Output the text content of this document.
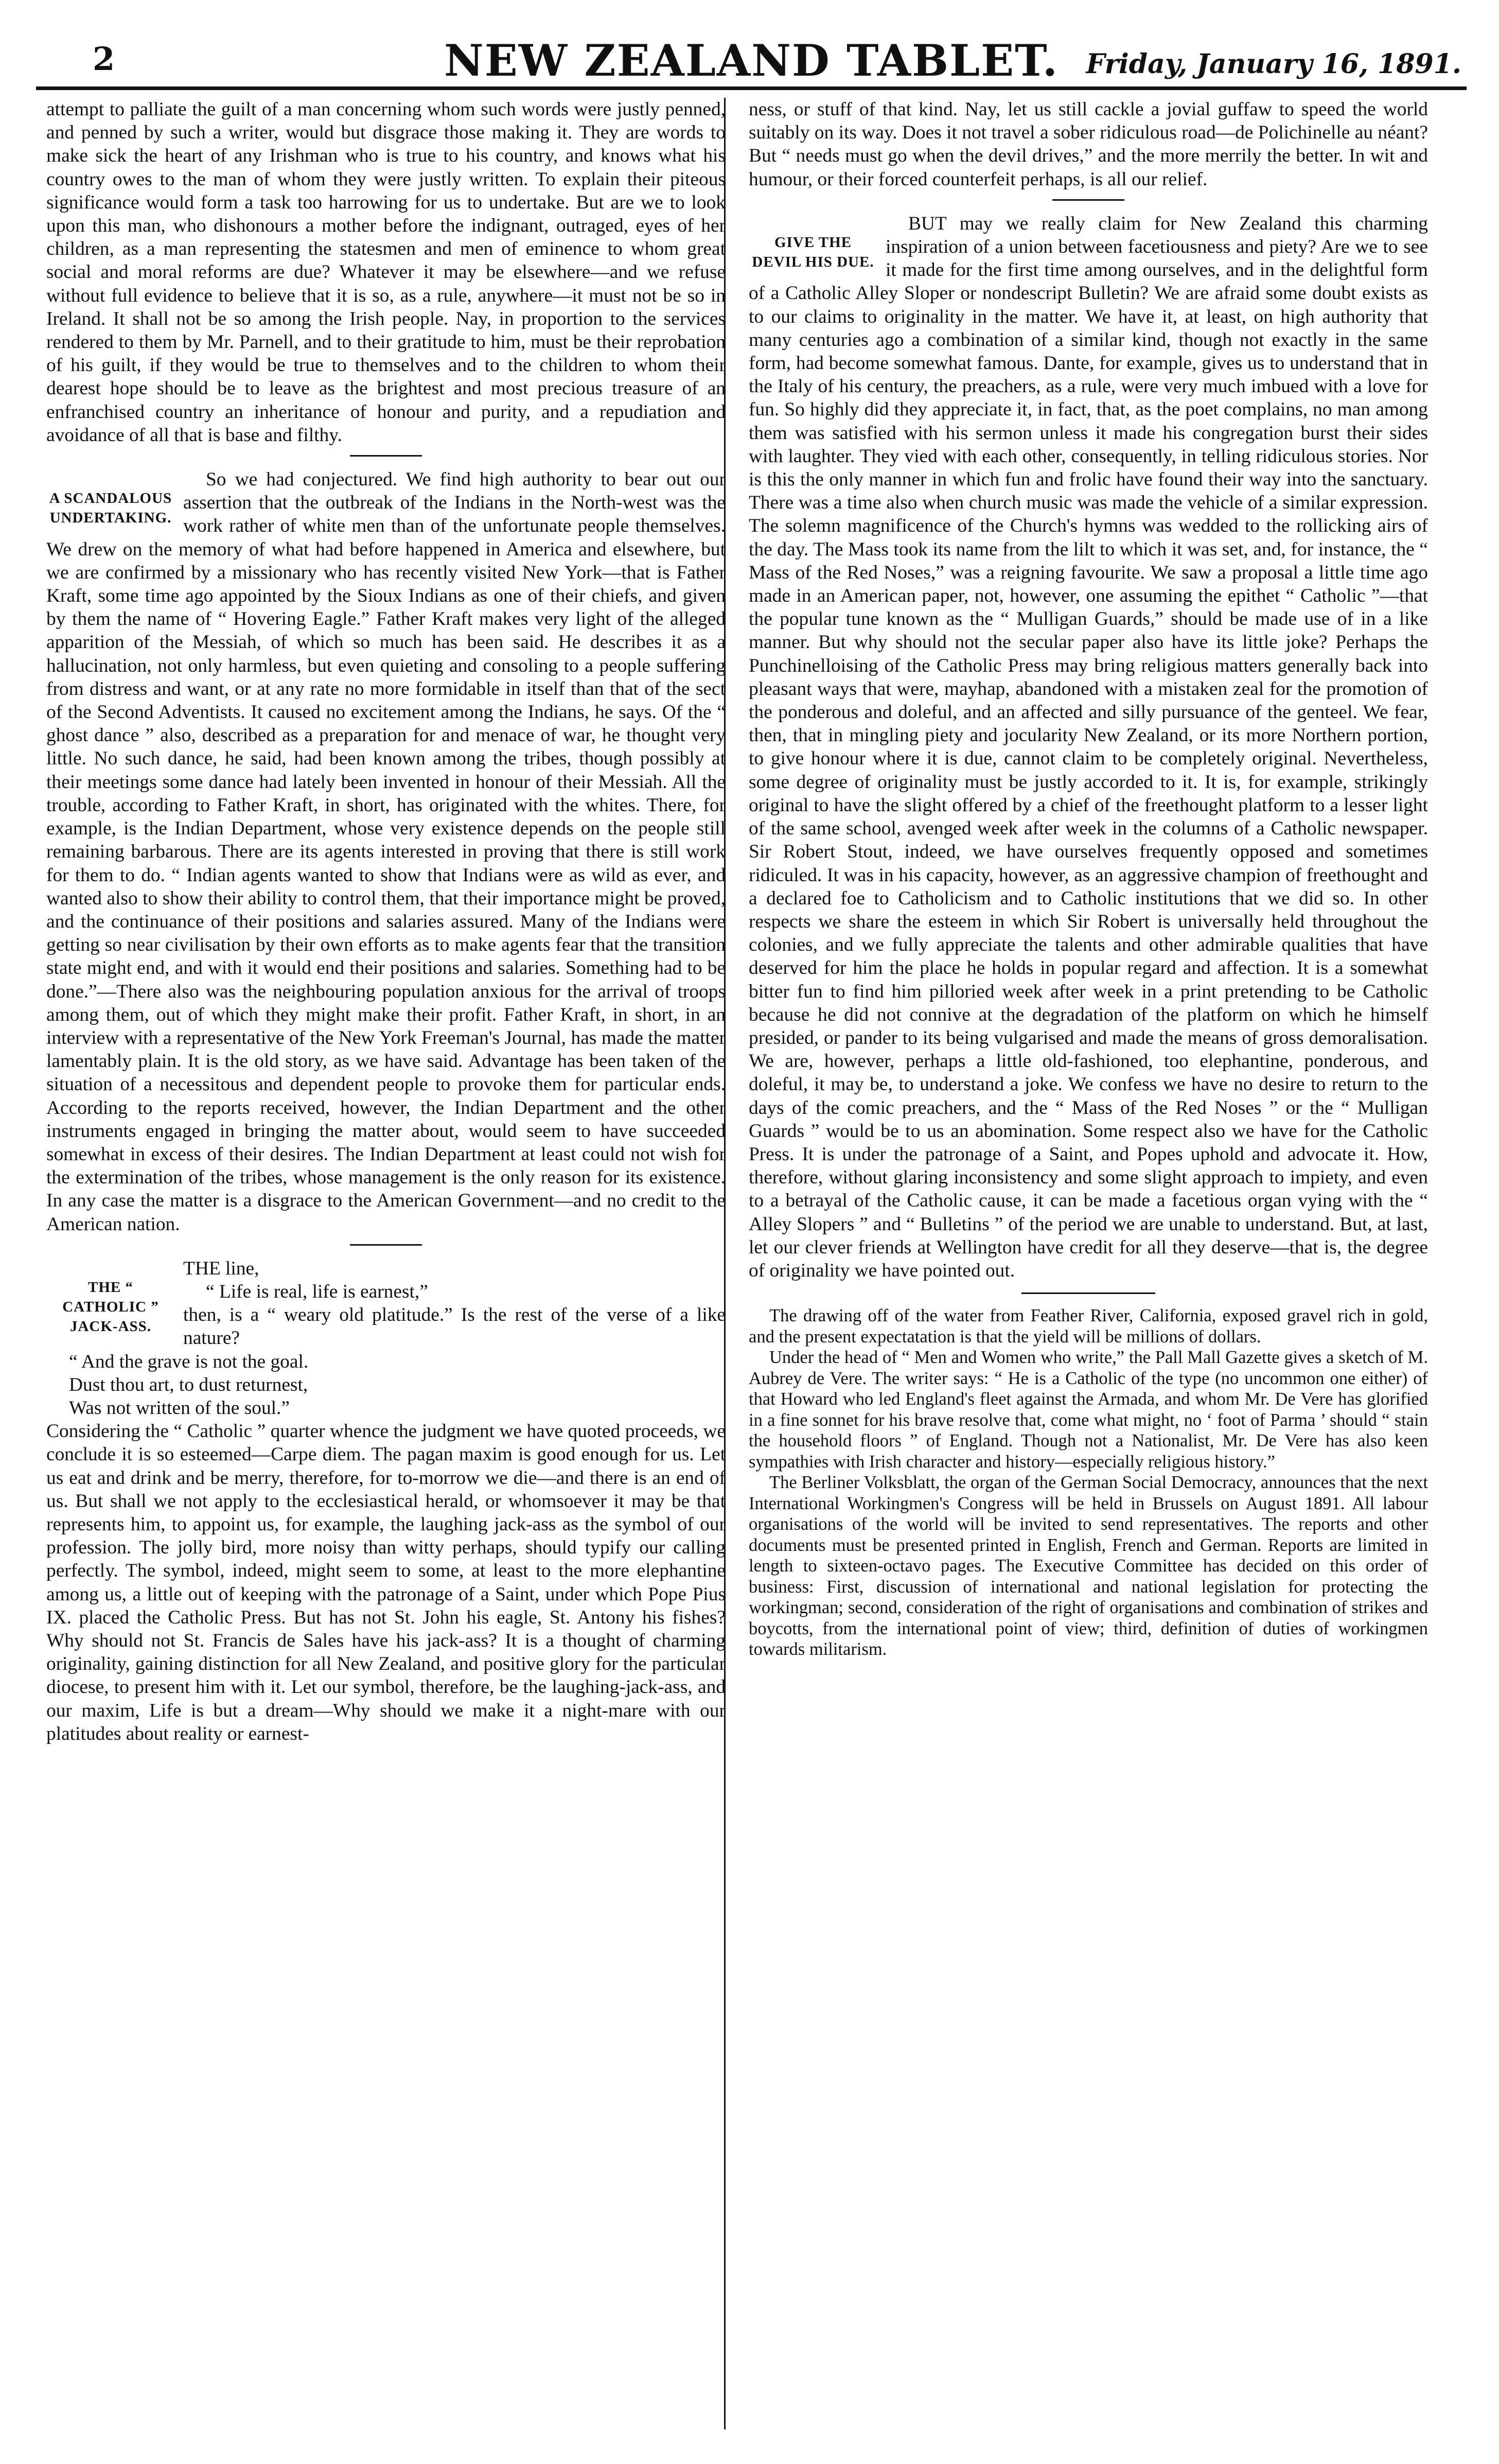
2	NEW ZEALAND TABLET.	Friday, January 16, 1891.

attempt to palliate the guilt of a man concerning whom such words were justly penned, and penned by such a writer, would but disgrace those making it. They are words to make sick the heart of any Irishman who is true to his country, and knows what his country owes to the man of whom they were justly written. To explain their piteous significance would form a task too harrowing for us to undertake. But are we to look upon this man, who dishonours a mother before the indignant, outraged, eyes of her children, as a man representing the statesmen and men of eminence to whom great social and moral reforms are due? Whatever it may be elsewhere—and we refuse without full evidence to believe that it is so, as a rule, anywhere—it must not be so in Ireland. It shall not be so among the Irish people. Nay, in proportion to the services rendered to them by Mr. Parnell, and to their gratitude to him, must be their reprobation of his guilt, if they would be true to themselves and to the children to whom their dearest hope should be to leave as the brightest and most precious treasure of an enfranchised country an inheritance of honour and purity, and a repudiation and avoidance of all that is base and filthy.

A SCANDALOUS UNDERTAKING.

So we had conjectured. We find high authority to bear out our assertion that the outbreak of the Indians in the North-west was the work rather of white men than of the unfortunate people themselves. We drew on the memory of what had before happened in America and elsewhere, but we are confirmed by a missionary who has recently visited New York—that is Father Kraft, some time ago appointed by the Sioux Indians as one of their chiefs, and given by them the name of “ Hovering Eagle.” Father Kraft makes very light of the alleged apparition of the Messiah, of which so much has been said. He describes it as a hallucination, not only harmless, but even quieting and consoling to a people suffering from distress and want, or at any rate no more formidable in itself than that of the sect of the Second Adventists. It caused no excitement among the Indians, he says. Of the “ ghost dance ” also, described as a preparation for and menace of war, he thought very little. No such dance, he said, had been known among the tribes, though possibly at their meetings some dance had lately been invented in honour of their Messiah. All the trouble, according to Father Kraft, in short, has originated with the whites. There, for example, is the Indian Department, whose very existence depends on the people still remaining barbarous. There are its agents interested in proving that there is still work for them to do. “ Indian agents wanted to show that Indians were as wild as ever, and wanted also to show their ability to control them, that their importance might be proved, and the continuance of their positions and salaries assured. Many of the Indians were getting so near civilisation by their own efforts as to make agents fear that the transition state might end, and with it would end their positions and salaries. Something had to be done.”—There also was the neighbouring population anxious for the arrival of troops among them, out of which they might make their profit. Father Kraft, in short, in an interview with a representative of the New York Freeman's Journal, has made the matter lamentably plain. It is the old story, as we have said. Advantage has been taken of the situation of a necessitous and dependent people to provoke them for particular ends. According to the reports received, however, the Indian Department and the other instruments engaged in bringing the matter about, would seem to have succeeded somewhat in excess of their desires. The Indian Department at least could not wish for the extermination of the tribes, whose management is the only reason for its existence. In any case the matter is a disgrace to the American Government—and no credit to the American nation.

THE “ CATHOLIC ” JACK-ASS.

THE line,

“ Life is real, life is earnest,”

then, is a “ weary old platitude.” Is the rest of the verse of a like nature?

“ And the grave is not the goal.

Dust thou art, to dust returnest,

Was not written of the soul.”

Considering the “ Catholic ” quarter whence the judgment we have quoted proceeds, we conclude it is so esteemed—Carpe diem. The pagan maxim is good enough for us. Let us eat and drink and be merry, therefore, for to-morrow we die—and there is an end of us. But shall we not apply to the ecclesiastical herald, or whomsoever it may be that represents him, to appoint us, for example, the laughing jack-ass as the symbol of our profession. The jolly bird, more noisy than witty perhaps, should typify our calling perfectly. The symbol, indeed, might seem to some, at least to the more elephantine among us, a little out of keeping with the patronage of a Saint, under which Pope Pius IX. placed the Catholic Press. But has not St. John his eagle, St. Antony his fishes? Why should not St. Francis de Sales have his jack-ass? It is a thought of charming originality, gaining distinction for all New Zealand, and positive glory for the particular diocese, to present him with it. Let our symbol, therefore, be the laughing-jack-ass, and our maxim, Life is but a dream—Why should we make it a night-mare with our platitudes about reality or earnest-

ness, or stuff of that kind. Nay, let us still cackle a jovial guffaw to speed the world suitably on its way. Does it not travel a sober ridiculous road—de Polichinelle au néant? But “ needs must go when the devil drives,” and the more merrily the better. In wit and humour, or their forced counterfeit perhaps, is all our relief.

GIVE THE DEVIL HIS DUE.

BUT may we really claim for New Zealand this charming inspiration of a union between facetiousness and piety? Are we to see it made for the first time among ourselves, and in the delightful form of a Catholic Alley Sloper or nondescript Bulletin? We are afraid some doubt exists as to our claims to originality in the matter. We have it, at least, on high authority that many centuries ago a combination of a similar kind, though not exactly in the same form, had become somewhat famous. Dante, for example, gives us to understand that in the Italy of his century, the preachers, as a rule, were very much imbued with a love for fun. So highly did they appreciate it, in fact, that, as the poet complains, no man among them was satisfied with his sermon unless it made his congregation burst their sides with laughter. They vied with each other, consequently, in telling ridiculous stories. Nor is this the only manner in which fun and frolic have found their way into the sanctuary. There was a time also when church music was made the vehicle of a similar expression. The solemn magnificence of the Church's hymns was wedded to the rollicking airs of the day. The Mass took its name from the lilt to which it was set, and, for instance, the “ Mass of the Red Noses,” was a reigning favourite. We saw a proposal a little time ago made in an American paper, not, however, one assuming the epithet “ Catholic ”—that the popular tune known as the “ Mulligan Guards,” should be made use of in a like manner. But why should not the secular paper also have its little joke? Perhaps the Punchinelloising of the Catholic Press may bring religious matters generally back into pleasant ways that were, mayhap, abandoned with a mistaken zeal for the promotion of the ponderous and doleful, and an affected and silly pursuance of the genteel. We fear, then, that in mingling piety and jocularity New Zealand, or its more Northern portion, to give honour where it is due, cannot claim to be completely original. Nevertheless, some degree of originality must be justly accorded to it. It is, for example, strikingly original to have the slight offered by a chief of the freethought platform to a lesser light of the same school, avenged week after week in the columns of a Catholic newspaper. Sir Robert Stout, indeed, we have ourselves frequently opposed and sometimes ridiculed. It was in his capacity, however, as an aggressive champion of freethought and a declared foe to Catholicism and to Catholic institutions that we did so. In other respects we share the esteem in which Sir Robert is universally held throughout the colonies, and we fully appreciate the talents and other admirable qualities that have deserved for him the place he holds in popular regard and affection. It is a somewhat bitter fun to find him pilloried week after week in a print pretending to be Catholic because he did not connive at the degradation of the platform on which he himself presided, or pander to its being vulgarised and made the means of gross demoralisation. We are, however, perhaps a little old-fashioned, too elephantine, ponderous, and doleful, it may be, to understand a joke. We confess we have no desire to return to the days of the comic preachers, and the “ Mass of the Red Noses ” or the “ Mulligan Guards ” would be to us an abomination. Some respect also we have for the Catholic Press. It is under the patronage of a Saint, and Popes uphold and advocate it. How, therefore, without glaring inconsistency and some slight approach to impiety, and even to a betrayal of the Catholic cause, it can be made a facetious organ vying with the “ Alley Slopers ” and “ Bulletins ” of the period we are unable to understand. But, at last, let our clever friends at Wellington have credit for all they deserve—that is, the degree of originality we have pointed out.

The drawing off of the water from Feather River, California, exposed gravel rich in gold, and the present expectatation is that the yield will be millions of dollars.

Under the head of “ Men and Women who write,” the Pall Mall Gazette gives a sketch of M. Aubrey de Vere. The writer says: “ He is a Catholic of the type (no uncommon one either) of that Howard who led England's fleet against the Armada, and whom Mr. De Vere has glorified in a fine sonnet for his brave resolve that, come what might, no ‘ foot of Parma ’ should “ stain the household floors ” of England. Though not a Nationalist, Mr. De Vere has also keen sympathies with Irish character and history—especially religious history.”

The Berliner Volksblatt, the organ of the German Social Democracy, announces that the next International Workingmen's Congress will be held in Brussels on August 1891. All labour organisations of the world will be invited to send representatives. The reports and other documents must be presented printed in English, French and German. Reports are limited in length to sixteen-octavo pages. The Executive Committee has decided on this order of business: First, discussion of international and national legislation for protecting the workingman; second, consideration of the right of organisations and combination of strikes and boycotts, from the international point of view; third, definition of duties of workingmen towards militarism.
